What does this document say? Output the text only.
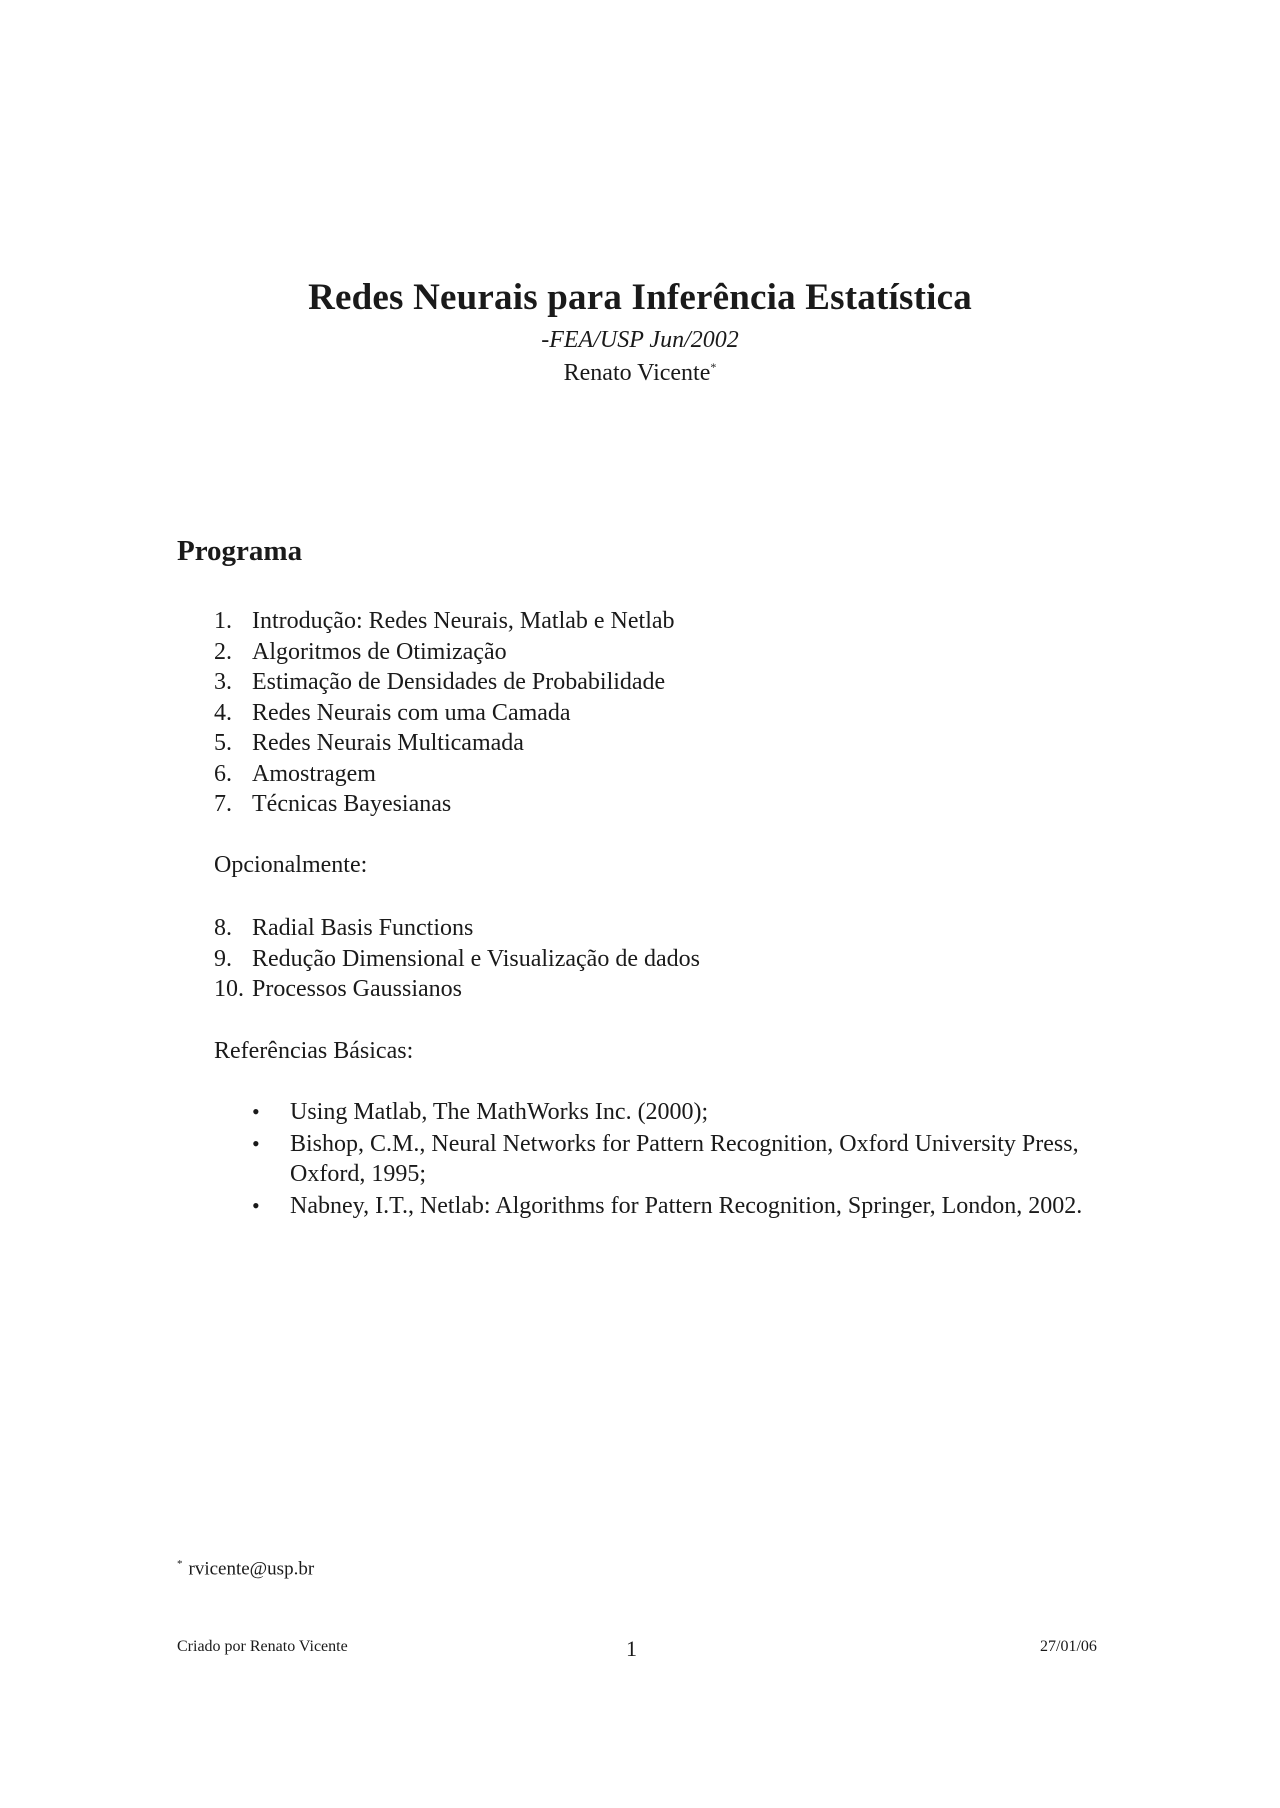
Redes Neurais para Inferência Estatística
-FEA/USP Jun/2002
Renato Vicente*
Programa
1. Introdução: Redes Neurais, Matlab e Netlab
2. Algoritmos de Otimização
3. Estimação de Densidades de Probabilidade
4. Redes Neurais com uma Camada
5. Redes Neurais Multicamada
6. Amostragem
7. Técnicas Bayesianas
Opcionalmente:
8. Radial Basis Functions
9. Redução Dimensional e Visualização de dados
10. Processos Gaussianos
Referências Básicas:
• Using Matlab, The MathWorks Inc. (2000);
• Bishop, C.M., Neural Networks for Pattern Recognition, Oxford University Press, Oxford, 1995;
• Nabney, I.T., Netlab: Algorithms for Pattern Recognition, Springer, London, 2002.
* rvicente@usp.br
Criado por Renato Vicente	1	27/01/06
